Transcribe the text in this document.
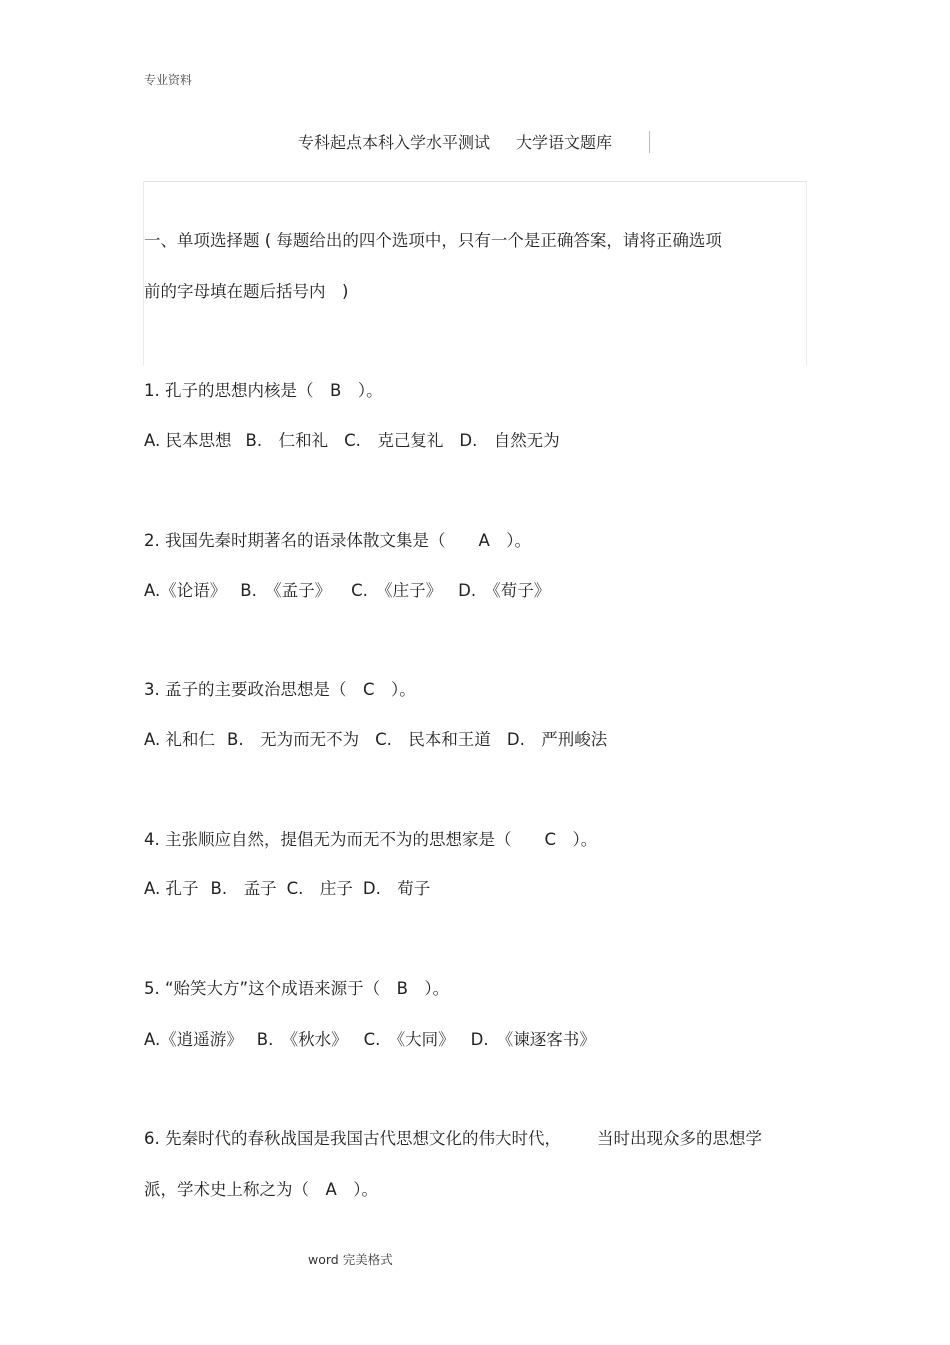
专业资料
专科起点本科入学水平测试 大学语文题库
一、单项选择题 ( 每题给出的四个选项中，只有一个是正确答案，请将正确选项
前的字母填在题后括号内　)
1. 孔子的思想内核是（　B　）。
A. 民本思想 B.　仁和礼 C.　克己复礼 D.　自然无为
2. 我国先秦时期著名的语录体散文集是（　　A　）。
A.《论语》 B.　《孟子》 C.　《庄子》 D.　《荀子》
3. 孟子的主要政治思想是（　C　）。
A. 礼和仁 B.　无为而无不为 C.　民本和王道 D.　严刑峻法
4. 主张顺应自然，提倡无为而无不为的思想家是（　　C　）。
A. 孔子 B.　孟子 C.　庄子 D.　荀子
5. “贻笑大方”这个成语来源于（　B　）。
A.《逍遥游》 B.　《秋水》 C.　《大同》 D.　《谏逐客书》
6. 先秦时代的春秋战国是我国古代思想文化的伟大时代， 当时出现众多的思想学
派，学术史上称之为（　A　）。
word 完美格式
